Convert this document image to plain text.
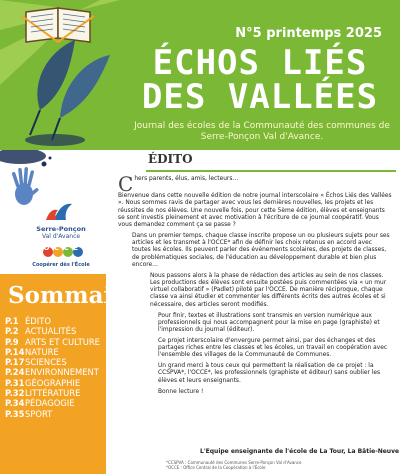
N°5 printemps 2025
ÉCHOS LIÉS
DES VALLÉES
Journal des écoles de la Communauté des communes de Serre-Ponçon Val d'Avance.
Serre-Ponçon
Val d'Avance
OCCE
Coopérer dès l'École
Sommaire
P.1 ÉDITO
P.2 ACTUALITÉS
P.9 ARTS ET CULTURE
P.14 NATURE
P.17 SCIENCES
P.24 ENVIRONNEMENT
P.31 GÉOGRAPHIE
P.32 LITTÉRATURE
P.34 PÉDAGOGIE
P.35 SPORT
ÉDITO

Chers parents, élus, amis, lecteurs…

Bienvenue dans cette nouvelle édition de notre journal interscolaire « Échos Liés des Vallées ». Nous sommes ravis de partager avec vous les dernières nouvelles, les projets et les réussites de nos élèves. Une nouvelle fois, pour cette 5ème édition, élèves et enseignants se sont investis pleinement et avec motivation à l'écriture de ce journal coopératif. Vous vous demandez comment ça se passe ?

Dans un premier temps, chaque classe inscrite propose un ou plusieurs sujets pour ses articles et les transmet à l'OCCE* afin de définir les choix retenus en accord avec toutes les écoles. Ils peuvent parler des événements scolaires, des projets de classes, de problématiques sociales, de l'éducation au développement durable et bien plus encore…

Nous passons alors à la phase de rédaction des articles au sein de nos classes. Les productions des élèves sont ensuite postées puis commentées via « un mur virtuel collaboratif » (Padlet) piloté par l'OCCE. De manière réciproque, chaque classe va ainsi étudier et commenter les différents écrits des autres écoles et si nécessaire, des articles seront modifiés.

Pour finir, textes et illustrations sont transmis en version numérique aux professionnels qui nous accompagnent pour la mise en page (graphiste) et l'impression du journal (éditeur).

Ce projet interscolaire d'envergure permet ainsi, par des échanges et des partages riches entre les classes et les écoles, un travail en coopération avec l'ensemble des villages de la Communauté de Communes.

Un grand merci à tous ceux qui permettent la réalisation de ce projet : la CCSPVA*, l'OCCE*, les professionnels (graphiste et éditeur) sans oublier les élèves et leurs enseignants.

Bonne lecture !

L'Equipe enseignante de l'école de La Tour, La Bâtie-Neuve
*CCSPVA : Communauté des Communes Serre-Ponçon Val d'Avance
*OCCE : Office Central de la Coopération à l'École
